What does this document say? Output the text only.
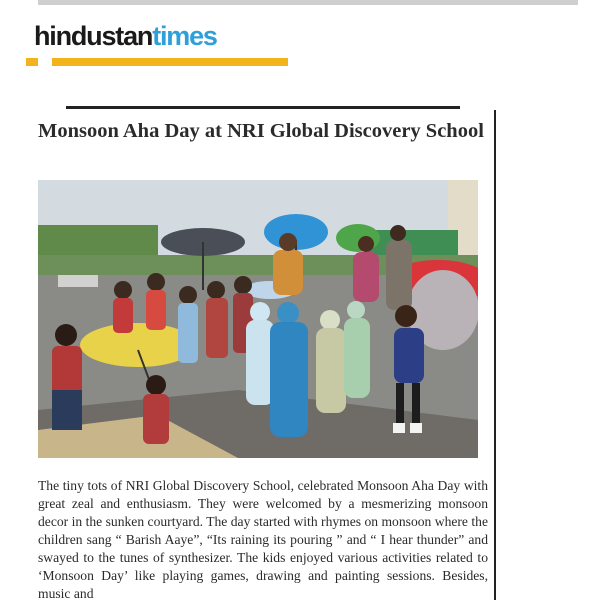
hindustantimes
Monsoon Aha Day at NRI Global Discovery School
The tiny tots of NRI Global Discovery School, celebrated Monsoon Aha Day with great zeal and enthusiasm. They were welcomed by a mesmerizing monsoon decor in the sunken courtyard. The day started with rhymes on monsoon where the children sang “ Barish Aaye”, “Its raining its pouring ” and “ I hear thunder” and swayed to the tunes of synthesizer. The kids enjoyed various activities related to ‘Monsoon Day’ like playing games, drawing and painting sessions. Besides, music and
